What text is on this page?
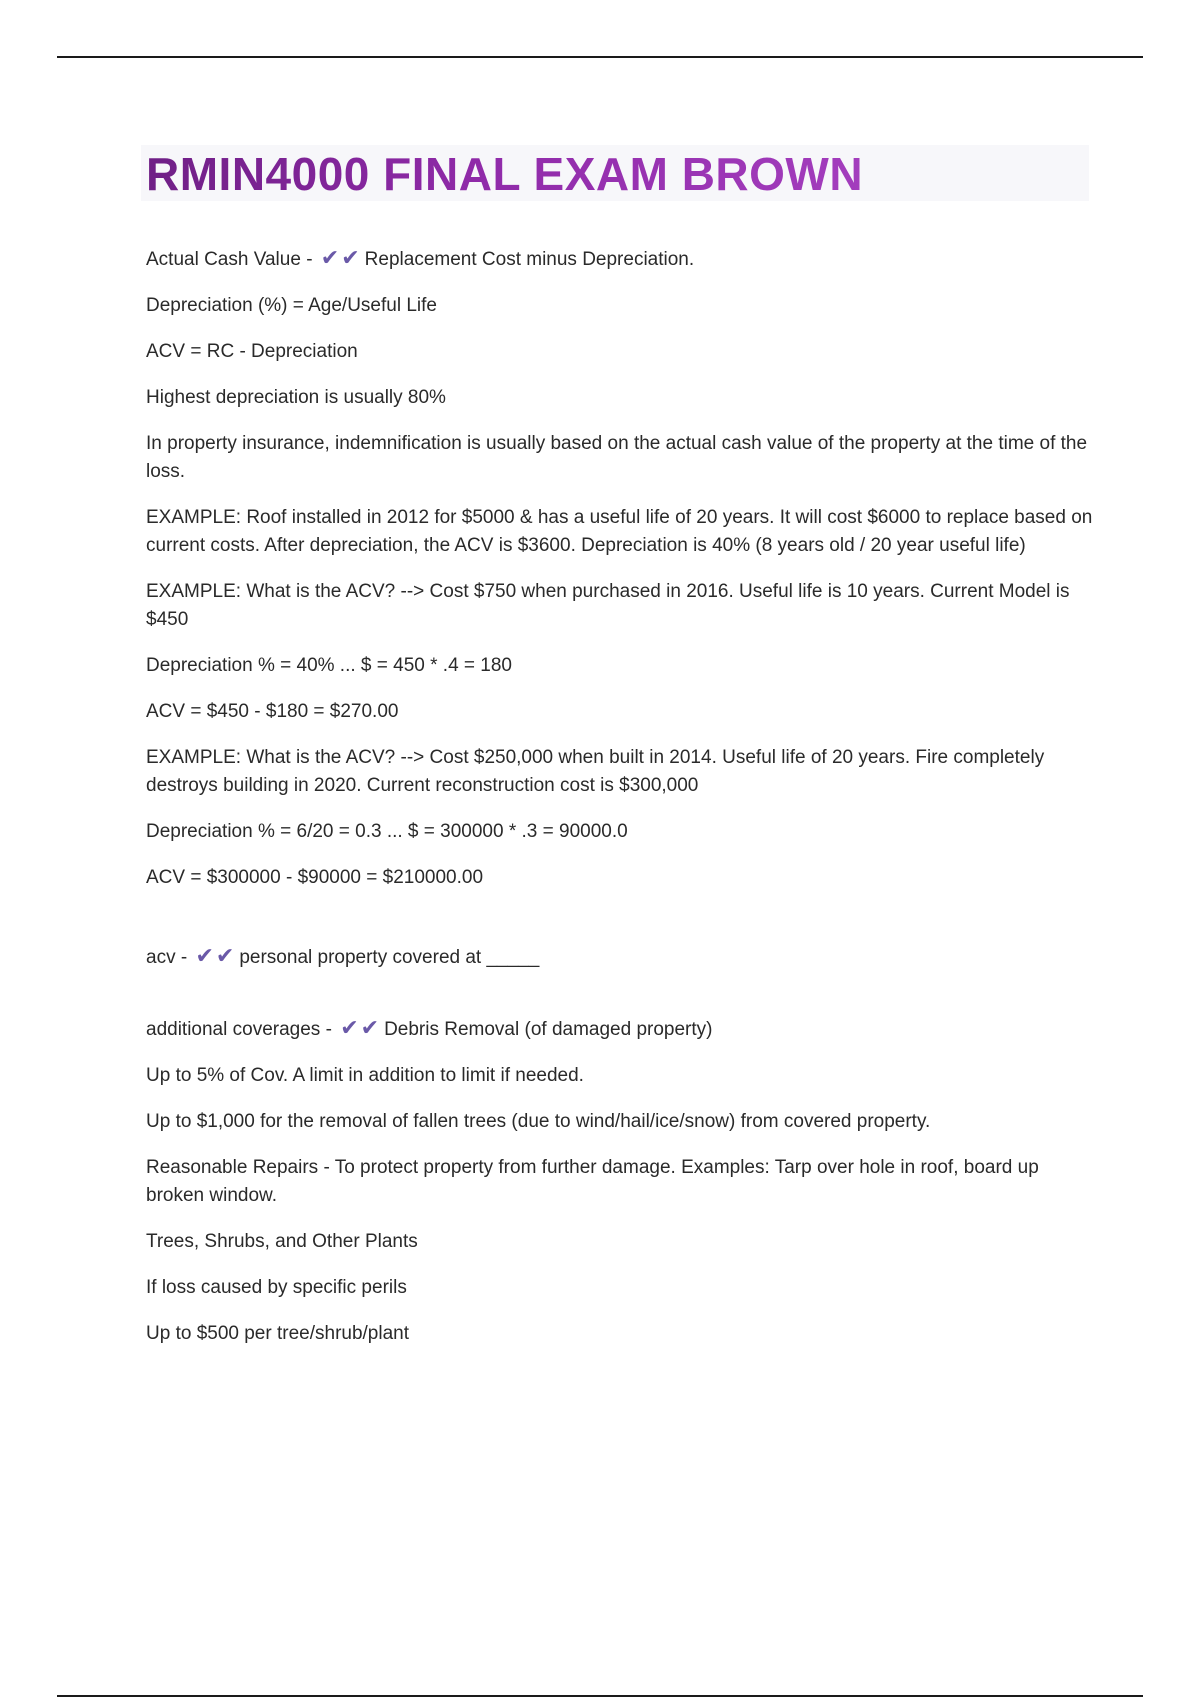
RMIN4000 FINAL EXAM BROWN

Actual Cash Value - ✔✔ Replacement Cost minus Depreciation.

Depreciation (%) = Age/Useful Life

ACV = RC - Depreciation

Highest depreciation is usually 80%

In property insurance, indemnification is usually based on the actual cash value of the property at the time of the loss.

EXAMPLE: Roof installed in 2012 for $5000 & has a useful life of 20 years. It will cost $6000 to replace based on current costs. After depreciation, the ACV is $3600. Depreciation is 40% (8 years old / 20 year useful life)

EXAMPLE: What is the ACV? --> Cost $750 when purchased in 2016. Useful life is 10 years. Current Model is $450

Depreciation % = 40% ... $ = 450 * .4 = 180

ACV = $450 - $180 = $270.00

EXAMPLE: What is the ACV? --> Cost $250,000 when built in 2014. Useful life of 20 years. Fire completely destroys building in 2020. Current reconstruction cost is $300,000

Depreciation % = 6/20 = 0.3 ... $ = 300000 * .3 = 90000.0

ACV = $300000 - $90000 = $210000.00

acv - ✔✔ personal property covered at _____

additional coverages - ✔✔ Debris Removal (of damaged property)

Up to 5% of Cov. A limit in addition to limit if needed.

Up to $1,000 for the removal of fallen trees (due to wind/hail/ice/snow) from covered property.

Reasonable Repairs - To protect property from further damage. Examples: Tarp over hole in roof, board up broken window.

Trees, Shrubs, and Other Plants

If loss caused by specific perils

Up to $500 per tree/shrub/plant
